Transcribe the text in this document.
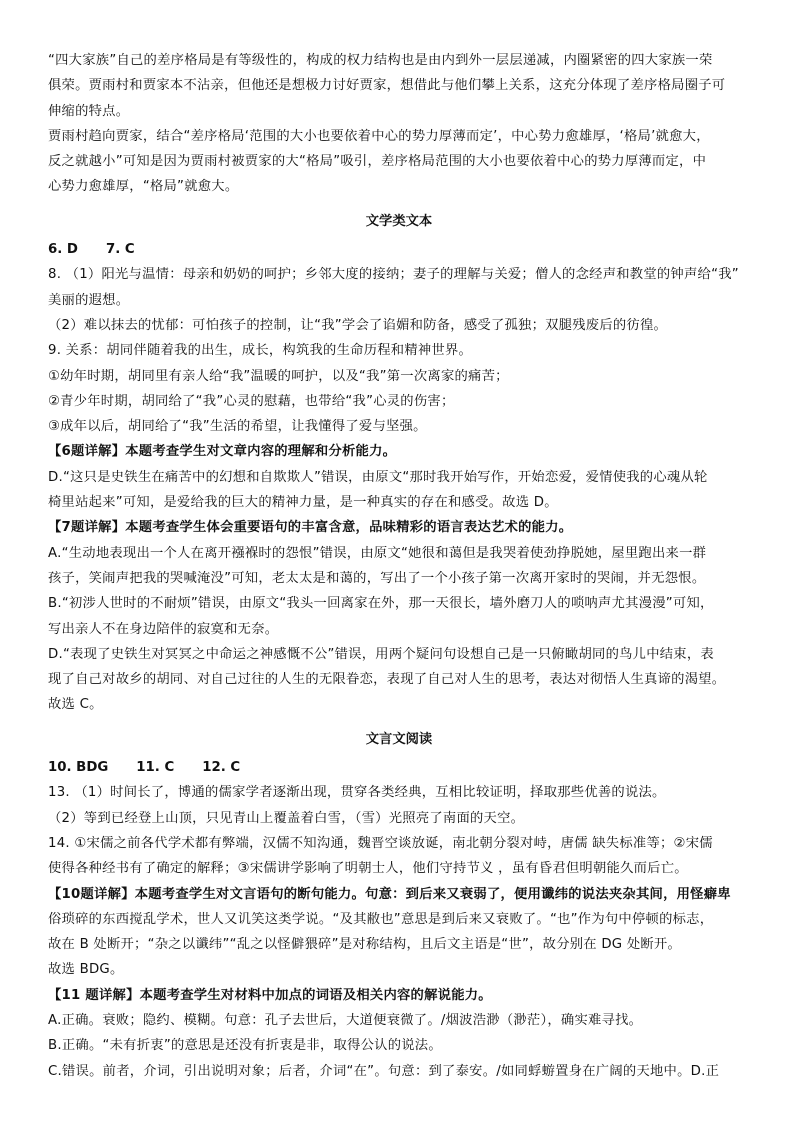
“四大家族”自己的差序格局是有等级性的，构成的权力结构也是由内到外一层层递减，内圈紧密的四大家族一荣
俱荣。贾雨村和贾家本不沾亲，但他还是想极力讨好贾家，想借此与他们攀上关系，这充分体现了差序格局圈子可
伸缩的特点。
贾雨村趋向贾家，结合“差序格局‘范围的大小也要依着中心的势力厚薄而定’，中心势力愈雄厚，‘格局’就愈大，
反之就越小”可知是因为贾雨村被贾家的大“格局”吸引，差序格局范围的大小也要依着中心的势力厚薄而定，中
心势力愈雄厚，“格局”就愈大。
文学类文本
6. D 7. C
8. （1）阳光与温情：母亲和奶奶的呵护；乡邻大度的接纳；妻子的理解与关爱；僧人的念经声和教堂的钟声给“我”
美丽的遐想。
（2）难以抹去的忧郁：可怕孩子的控制，让“我”学会了谄媚和防备，感受了孤独；双腿残废后的彷徨。
9. 关系：胡同伴随着我的出生，成长，构筑我的生命历程和精神世界。
①幼年时期，胡同里有亲人给“我”温暖的呵护，以及“我”第一次离家的痛苦；
②青少年时期，胡同给了“我”心灵的慰藉，也带给“我”心灵的伤害；
③成年以后，胡同给了“我”生活的希望，让我懂得了爱与坚强。
【6题详解】本题考查学生对文章内容的理解和分析能力。
D.“这只是史铁生在痛苦中的幻想和自欺欺人”错误，由原文“那时我开始写作，开始恋爱，爱情使我的心魂从轮
椅里站起来”可知，是爱给我的巨大的精神力量，是一种真实的存在和感受。故选 D。
【7题详解】本题考查学生体会重要语句的丰富含意，品味精彩的语言表达艺术的能力。
A.“生动地表现出一个人在离开襁褓时的怨恨”错误，由原文“她很和蔼但是我哭着使劲挣脱她，屋里跑出来一群
孩子，笑闹声把我的哭喊淹没”可知，老太太是和蔼的，写出了一个小孩子第一次离开家时的哭闹，并无怨恨。
B.“初涉人世时的不耐烦”错误，由原文“我头一回离家在外，那一天很长，墙外磨刀人的唢呐声尤其漫漫”可知，
写出亲人不在身边陪伴的寂寞和无奈。
D.“表现了史铁生对冥冥之中命运之神感慨不公”错误，用两个疑问句设想自己是一只俯瞰胡同的鸟儿中结束，表
现了自己对故乡的胡同、对自己过往的人生的无限眷恋，表现了自己对人生的思考，表达对彻悟人生真谛的渴望。
故选 C。
文言文阅读
10. BDG 11. C 12. C
13. （1）时间长了，博通的儒家学者逐渐出现，贯穿各类经典，互相比较证明，择取那些优善的说法。
（2）等到已经登上山顶，只见青山上覆盖着白雪，（雪）光照亮了南面的天空。
14. ①宋儒之前各代学术都有弊端，汉儒不知沟通，魏晋空谈放诞，南北朝分裂对峙，唐儒 缺失标准等；②宋儒
使得各种经书有了确定的解释；③宋儒讲学影响了明朝士人，他们守持节义 ，虽有昏君但明朝能久而后亡。
【10题详解】本题考查学生对文言语句的断句能力。句意：到后来又衰弱了，便用谶纬的说法夹杂其间，用怪癖卑
俗琐碎的东西搅乱学术，世人又讥笑这类学说。“及其敝也”意思是到后来又衰败了。“也”作为句中停顿的标志，
故在 B 处断开；“杂之以谶纬”“乱之以怪僻猥碎”是对称结构，且后文主语是“世”，故分别在 DG 处断开。
故选 BDG。
【11 题详解】本题考查学生对材料中加点的词语及相关内容的解说能力。
A.正确。衰败；隐约、模糊。句意：孔子去世后，大道便衰微了。/烟波浩渺（渺茫），确实难寻找。
B.正确。“未有折衷”的意思是还没有折衷是非，取得公认的说法。
C.错误。前者，介词，引出说明对象；后者，介词“在”。句意：到了泰安。/如同蜉蝣置身在广阔的天地中。D.正
